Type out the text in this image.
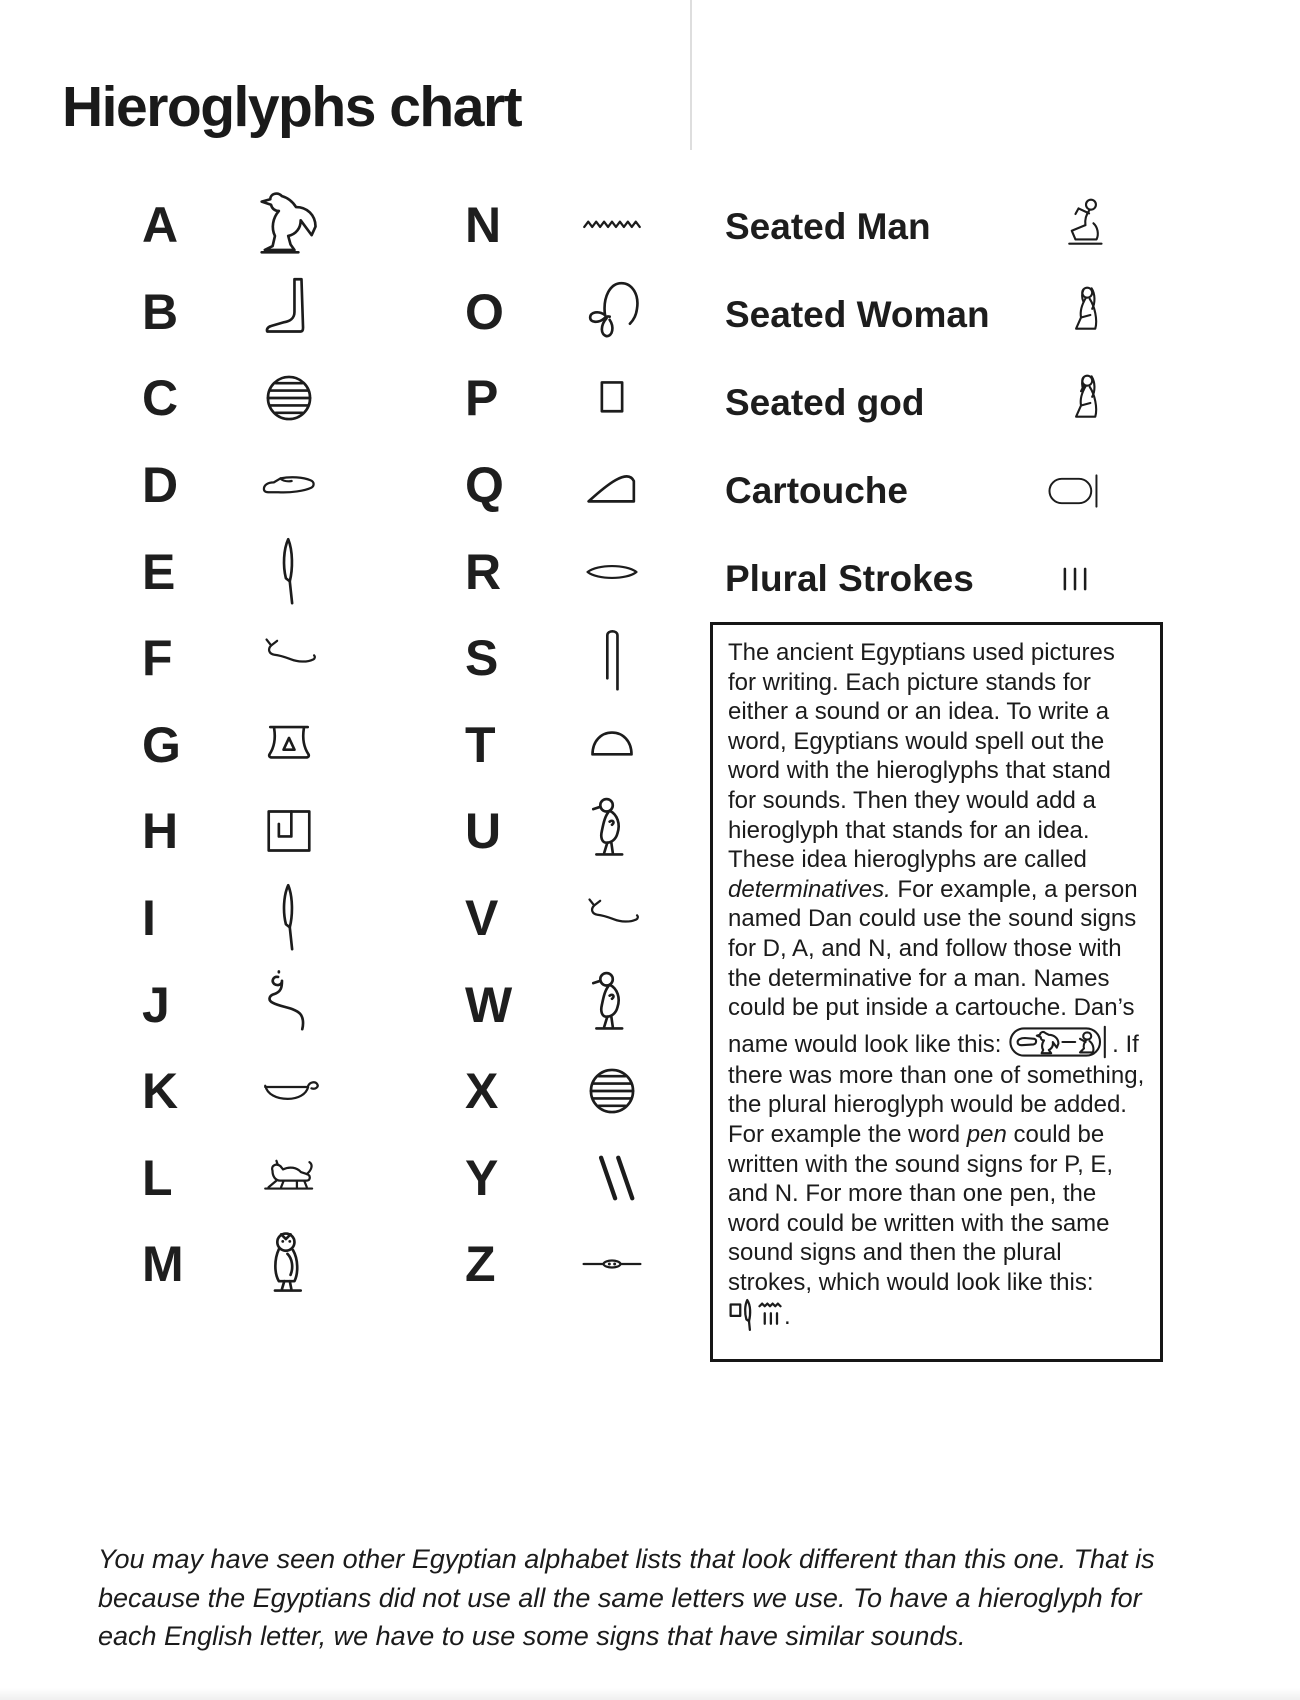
Hieroglyphs chart
A
B
C
D
E
F
G
H
I
J
K
L
M
N
O
P
Q
R
S
T
U
V
W
X
Y
Z
Seated Man
Seated Woman
Seated god
Cartouche
Plural Strokes
The ancient Egyptians used pictures for writing. Each picture stands for either a sound or an idea. To write a word, Egyptians would spell out the word with the hieroglyphs that stand for sounds. Then they would add a hieroglyph that stands for an idea. These idea hieroglyphs are called determinatives. For example, a person named Dan could use the sound signs for D, A, and N, and follow those with the determinative for a man. Names could be put inside a cartouche. Dan’s name would look like this:	. If there was more than one of something, the plural hieroglyph would be added. For example the word pen could be written with the sound signs for P, E, and N. For more than one pen, the word could be written with the same sound signs and then the plural strokes, which would look like this: .
You may have seen other Egyptian alphabet lists that look different than this one. That is
because the Egyptians did not use all the same letters we use. To have a hieroglyph for
each English letter, we have to use some signs that have similar sounds.
